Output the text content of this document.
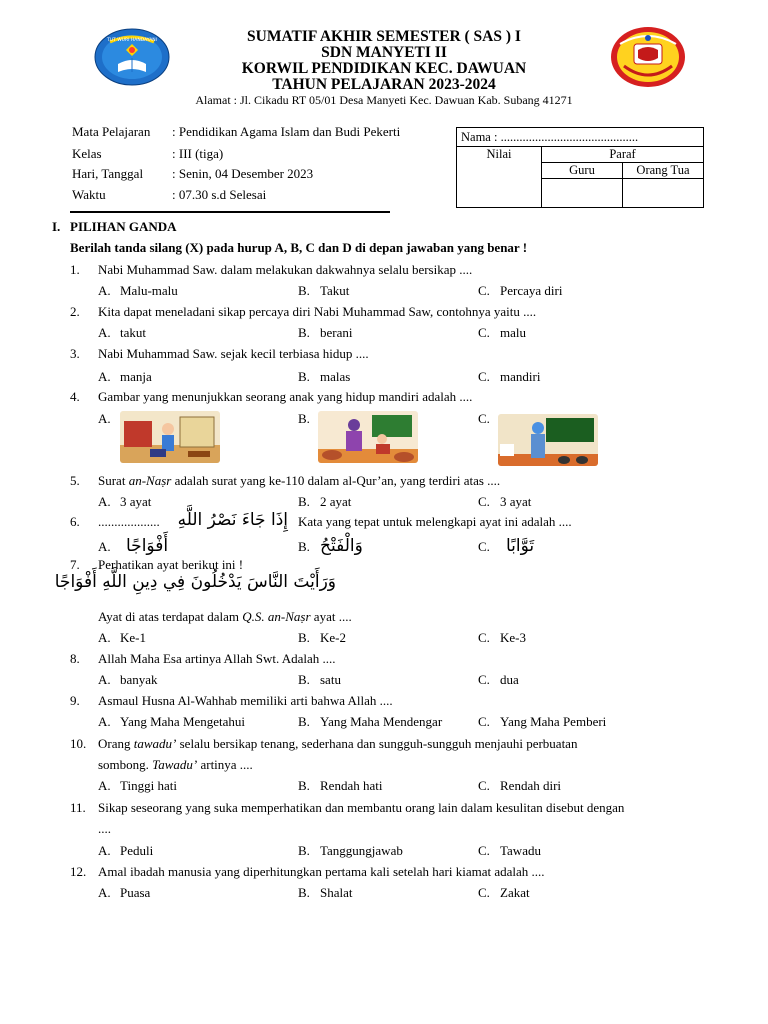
TUT WURI HANDAYANI	SUMATIF AKHIR SEMESTER ( SAS ) I
SDN MANYETI II
KORWIL PENDIDIKAN KEC. DAWUAN
TAHUN PELAJARAN 2023-2024
Alamat : Jl. Cikadu RT 05/01 Desa Manyeti Kec. Dawuan Kab. Subang 41271
Mata Pelajaran : Pendidikan Agama Islam dan Budi Pekerti
Kelas	: III (tiga)
Hari, Tanggal : Senin, 04 Desember 2023
Waktu	: 07.30 s.d Selesai
Nama : ............................................		
Nilai	Paraf	
	Guru	Orang Tua

I. PILIHAN GANDA
Berilah tanda silang (X) pada hurup A, B, C dan D di depan jawaban yang benar !
1.	Nabi Muhammad Saw. dalam melakukan dakwahnya selalu bersikap ....
A. Malu-malu	B. Takut	C. Percaya diri
2.	Kita dapat meneladani sikap percaya diri Nabi Muhammad Saw, contohnya yaitu ....
A. takut	B. berani	C. malu
3.	Nabi Muhammad Saw. sejak kecil terbiasa hidup ....
A. manja	B. malas	C. mandiri
4.	Gambar yang menunjukkan seorang anak yang hidup mandiri adalah ....
A.	B.	C.
5.	Surat an-Naṣr adalah surat yang ke-110 dalam al-Qur’an, yang terdiri atas ....
A. 3 ayat	B. 2 ayat	C. 3 ayat
6.	................... إِذَا جَاءَ نَصْرُ اللَّهِ Kata yang tepat untuk melengkapi ayat ini adalah ....
A. أَفْوَاجًا	B. وَالْفَتْحُ	C. تَوَّابًا
7.	Perhatikan ayat berikut ini !
وَرَأَيْتَ النَّاسَ يَدْخُلُونَ فِي دِينِ اللَّهِ أَفْوَاجًا
Ayat di atas terdapat dalam Q.S. an-Naṣr ayat ....
A. Ke-1	B. Ke-2	C. Ke-3
8.	Allah Maha Esa artinya Allah Swt. Adalah ....
A. banyak	B. satu	C. dua
9.	Asmaul Husna Al-Wahhab memiliki arti bahwa Allah ....
A. Yang Maha Mengetahui	B. Yang Maha Mendengar	C. Yang Maha Pemberi
10. Orang tawadu’ selalu bersikap tenang, sederhana dan sungguh-sungguh menjauhi perbuatan
sombong. Tawadu’ artinya ....
A. Tinggi hati	B. Rendah hati	C. Rendah diri
11. Sikap seseorang yang suka memperhatikan dan membantu orang lain dalam kesulitan disebut dengan
....
A. Peduli	B. Tanggungjawab	C. Tawadu
12. Amal ibadah manusia yang diperhitungkan pertama kali setelah hari kiamat adalah ....
A. Puasa	B. Shalat	C. Zakat
